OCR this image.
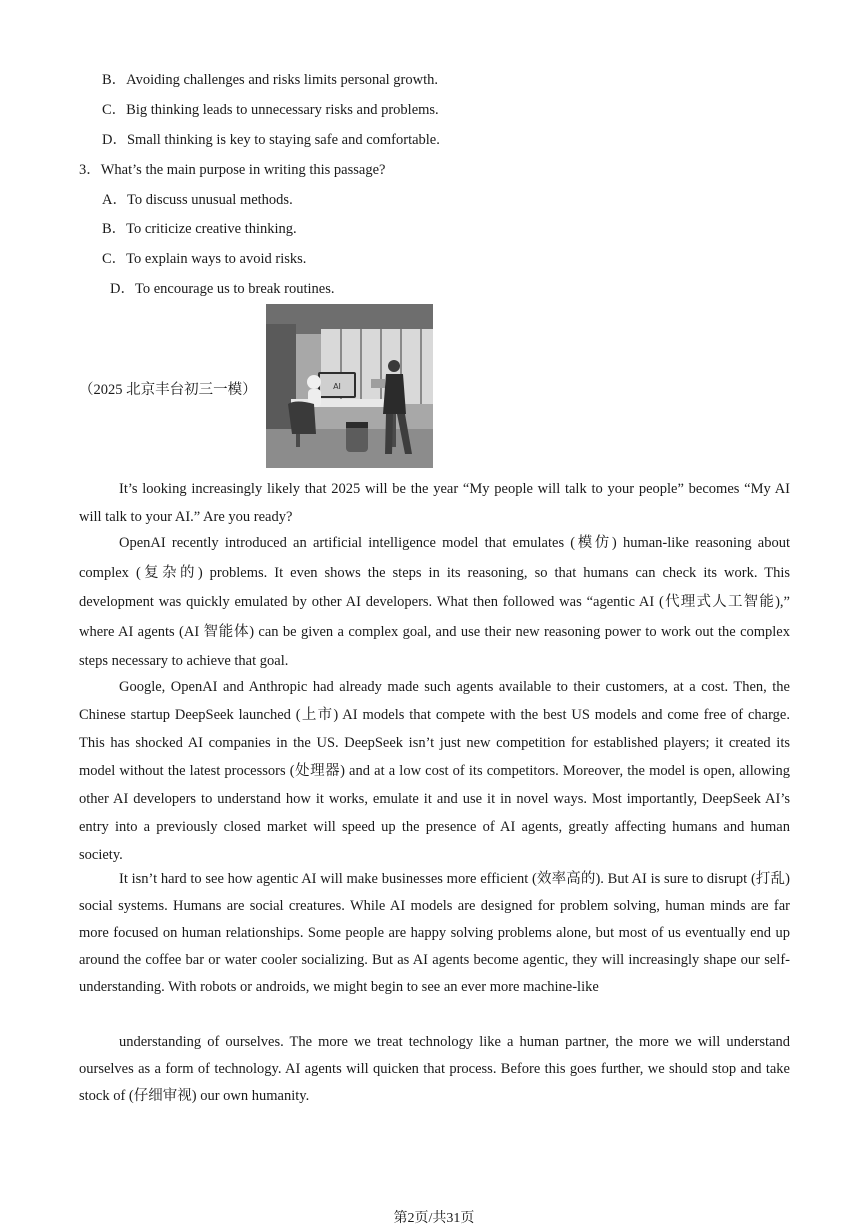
B．Avoiding challenges and risks limits personal growth.
C．Big thinking leads to unnecessary risks and problems.
D．Small thinking is key to staying safe and comfortable.
3．What’s the main purpose in writing this passage?
A．To discuss unusual methods.
B．To criticize creative thinking.
C．To explain ways to avoid risks.
D．To encourage us to break routines.
（2025 北京丰台初三一模）	AI
It’s looking increasingly likely that 2025 will be the year “My people will talk to your people” becomes “My AI will talk to your AI.” Are you ready?
OpenAI recently introduced an artificial intelligence model that emulates (模仿) human-like reasoning about complex (复杂的) problems. It even shows the steps in its reasoning, so that humans can check its work. This development was quickly emulated by other AI developers. What then followed was “agentic AI (代理式人工智能),” where AI agents (AI 智能体) can be given a complex goal, and use their new reasoning power to work out the complex steps necessary to achieve that goal.
Google, OpenAI and Anthropic had already made such agents available to their customers, at a cost. Then, the Chinese startup DeepSeek launched (上市) AI models that compete with the best US models and come free of charge. This has shocked AI companies in the US. DeepSeek isn’t just new competition for established players; it created its model without the latest processors (处理器) and at a low cost of its competitors. Moreover, the model is open, allowing other AI developers to understand how it works, emulate it and use it in novel ways. Most importantly, DeepSeek AI’s entry into a previously closed market will speed up the presence of AI agents, greatly affecting humans and human society.
It isn’t hard to see how agentic AI will make businesses more efficient (效率高的). But AI is sure to disrupt (打乱) social systems. Humans are social creatures. While AI models are designed for problem solving, human minds are far more focused on human relationships. Some people are happy solving problems alone, but most of us eventually end up around the coffee bar or water cooler socializing. But as AI agents become agentic, they will increasingly shape our self-understanding. With robots or androids, we might begin to see an ever more machine-like
understanding of ourselves. The more we treat technology like a human partner, the more we will understand ourselves as a form of technology. AI agents will quicken that process. Before this goes further, we should stop and take stock of (仔细审视) our own humanity.
第2页/共31页
